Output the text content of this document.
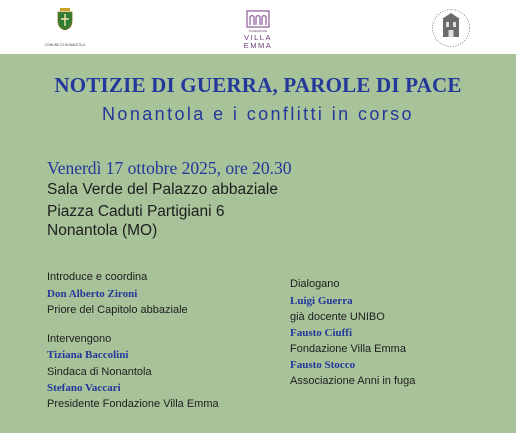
COMUNE DI NONANTOLA
FONDAZIONE
VILLA
EMMA
NOTIZIE DI GUERRA, PAROLE DI PACE
Nonantola e i conflitti in corso
Venerdì 17 ottobre 2025, ore 20.30
Sala Verde del Palazzo abbaziale
Piazza Caduti Partigiani 6
Nonantola (MO)
Introduce e coordina
Don Alberto Zironi
Priore del Capitolo abbaziale
Intervengono
Tiziana Baccolini
Sindaca di Nonantola
Stefano Vaccari
Presidente Fondazione Villa Emma
Dialogano
Luigi Guerra
già docente UNIBO
Fausto Ciuffi
Fondazione Villa Emma
Fausto Stocco
Associazione Anni in fuga
